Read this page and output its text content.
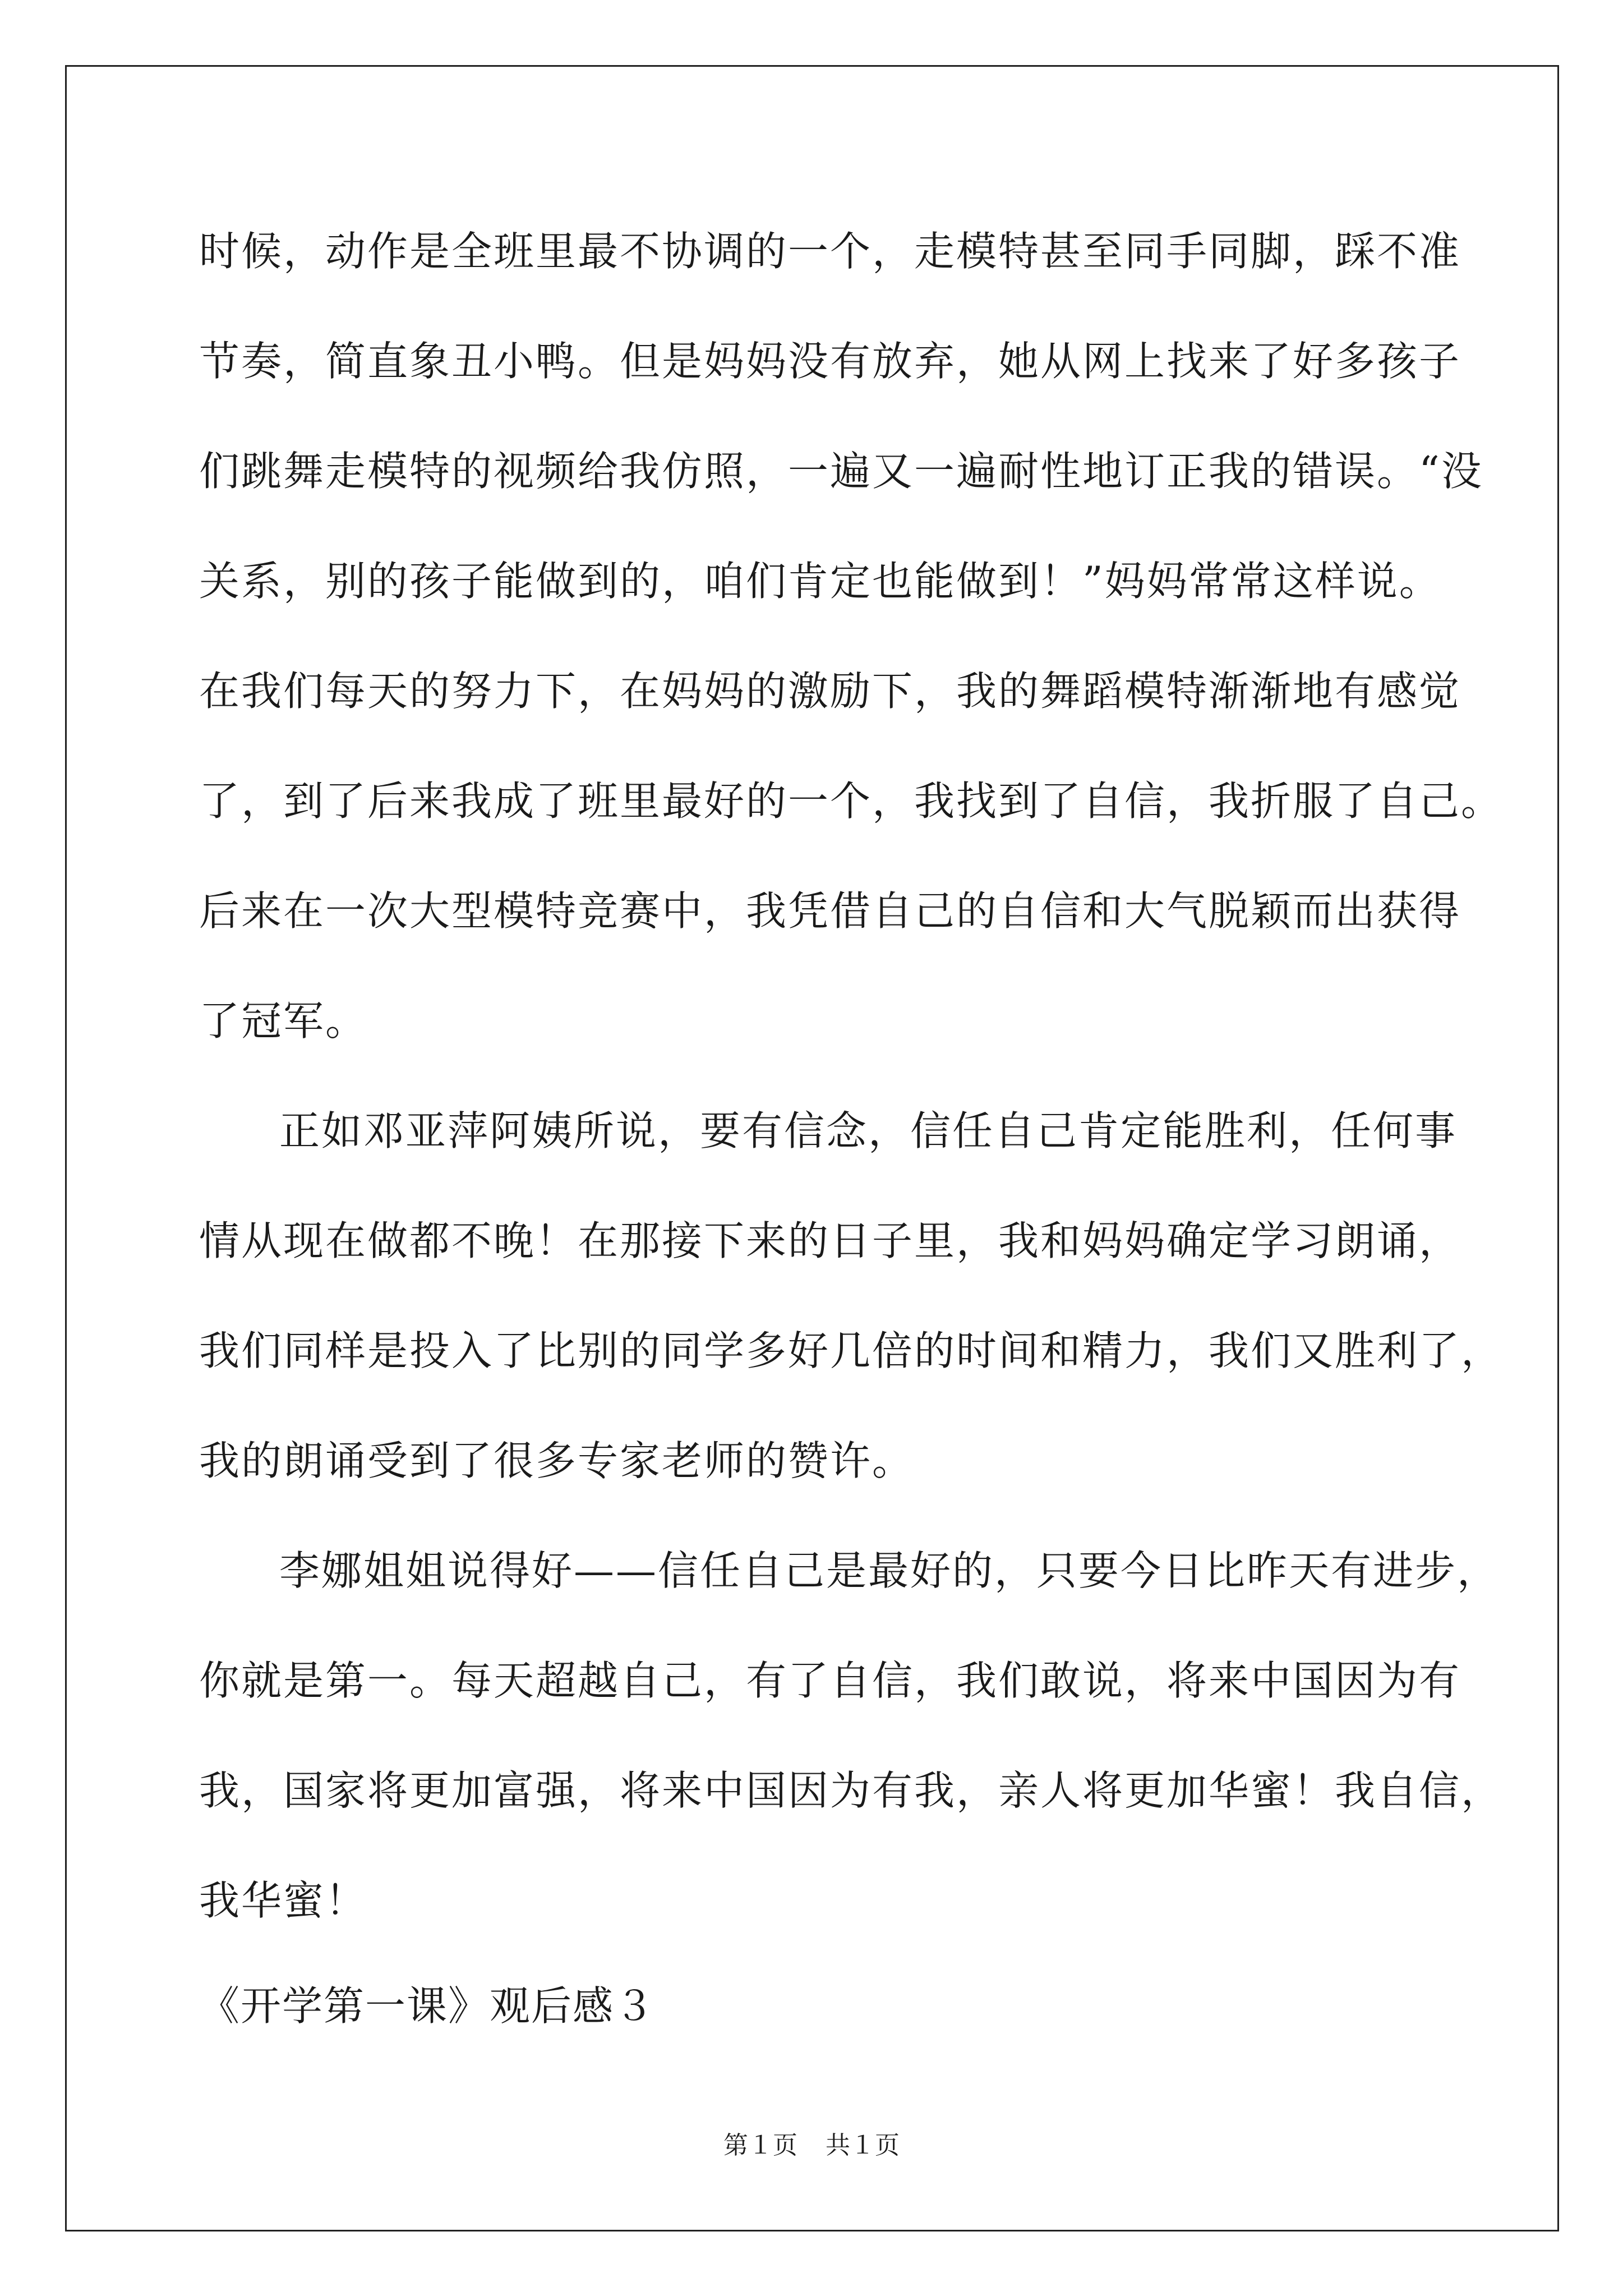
时候，动作是全班里最不协调的一个，走模特甚至同手同脚，踩不准
节奏，简直象丑小鸭。但是妈妈没有放弃，她从网上找来了好多孩子
们跳舞走模特的视频给我仿照，一遍又一遍耐性地订正我的错误。“没
关系，别的孩子能做到的，咱们肯定也能做到！”妈妈常常这样说。
在我们每天的努力下，在妈妈的激励下，我的舞蹈模特渐渐地有感觉
了，到了后来我成了班里最好的一个，我找到了自信，我折服了自己。
后来在一次大型模特竞赛中，我凭借自己的自信和大气脱颖而出获得
了冠军。
正如邓亚萍阿姨所说，要有信念，信任自己肯定能胜利，任何事
情从现在做都不晚！在那接下来的日子里，我和妈妈确定学习朗诵，
我们同样是投入了比别的同学多好几倍的时间和精力，我们又胜利了，
我的朗诵受到了很多专家老师的赞许。
李娜姐姐说得好——信任自己是最好的，只要今日比昨天有进步，
你就是第一。每天超越自己，有了自信，我们敢说，将来中国因为有
我，国家将更加富强，将来中国因为有我，亲人将更加华蜜！我自信，
我华蜜！
《开学第一课》观后感３
第１页 共１页
